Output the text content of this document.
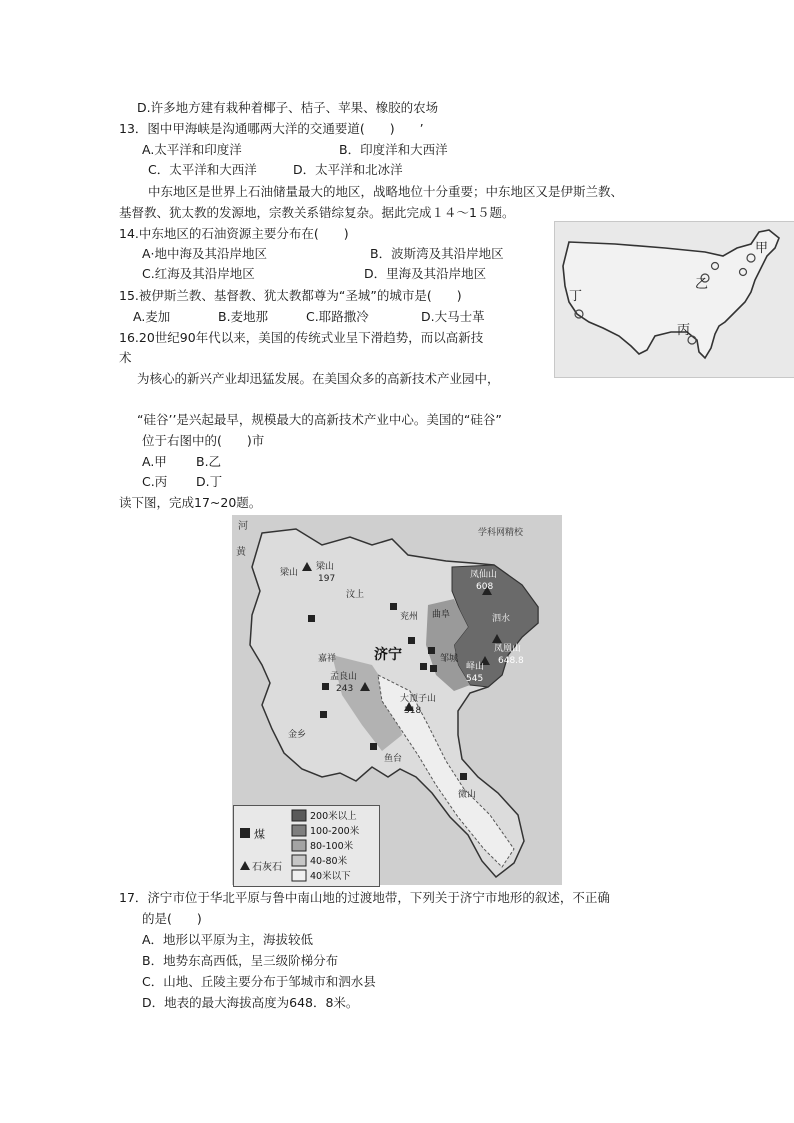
D.许多地方建有栽种着椰子、桔子、苹果、橡胶的农场
13．图中甲海峡是沟通哪两大洋的交通要道(　　)　　’
A.太平洋和印度洋	B．印度洋和大西洋
C．太平洋和大西洋	D．太平洋和北冰洋
中东地区是世界上石油储量最大的地区，战略地位十分重要；中东地区又是伊斯兰教、
基督教、犹太教的发源地，宗教关系错综复杂。据此完成１４～1５题。
14.中东地区的石油资源主要分布在(　　)
A·地中海及其沿岸地区	B．波斯湾及其沿岸地区
C.红海及其沿岸地区	D．里海及其沿岸地区
15.被伊斯兰教、基督教、犹太教都尊为“圣城”的城市是(　　)
A.麦加	B.麦地那	C.耶路撒冷	D.大马士革
16.20世纪90年代以来，美国的传统式业呈下滑趋势，而以高新技
术
为核心的新兴产业却迅猛发展。在美国众多的高新技术产业园中，
“硅谷’’是兴起最早，规模最大的高新技术产业中心。美国的“硅谷”
位于右图中的(　　)市
A.甲 B.乙
C.丙 D.丁
读下图，完成17~20题。
甲
乙
丙
丁
学科网精校
河
黄
梁山
汶上
兖州 曲阜	泗水
嘉祥	济宁	邹城
金乡
鱼台
微山
梁山
197	凤仙山
608
凤凰山
648.8
峄山
545
孟良山
243
大顶子山
318
煤
石灰石
200米以上
100-200米
80-100米
40-80米
40米以下
17．济宁市位于华北平原与鲁中南山地的过渡地带，下列关于济宁市地形的叙述，不正确
的是(　　)
A．地形以平原为主，海拔较低
B．地势东高西低，呈三级阶梯分布
C．山地、丘陵主要分布于邹城市和泗水县
D．地表的最大海拔高度为648．8米。
